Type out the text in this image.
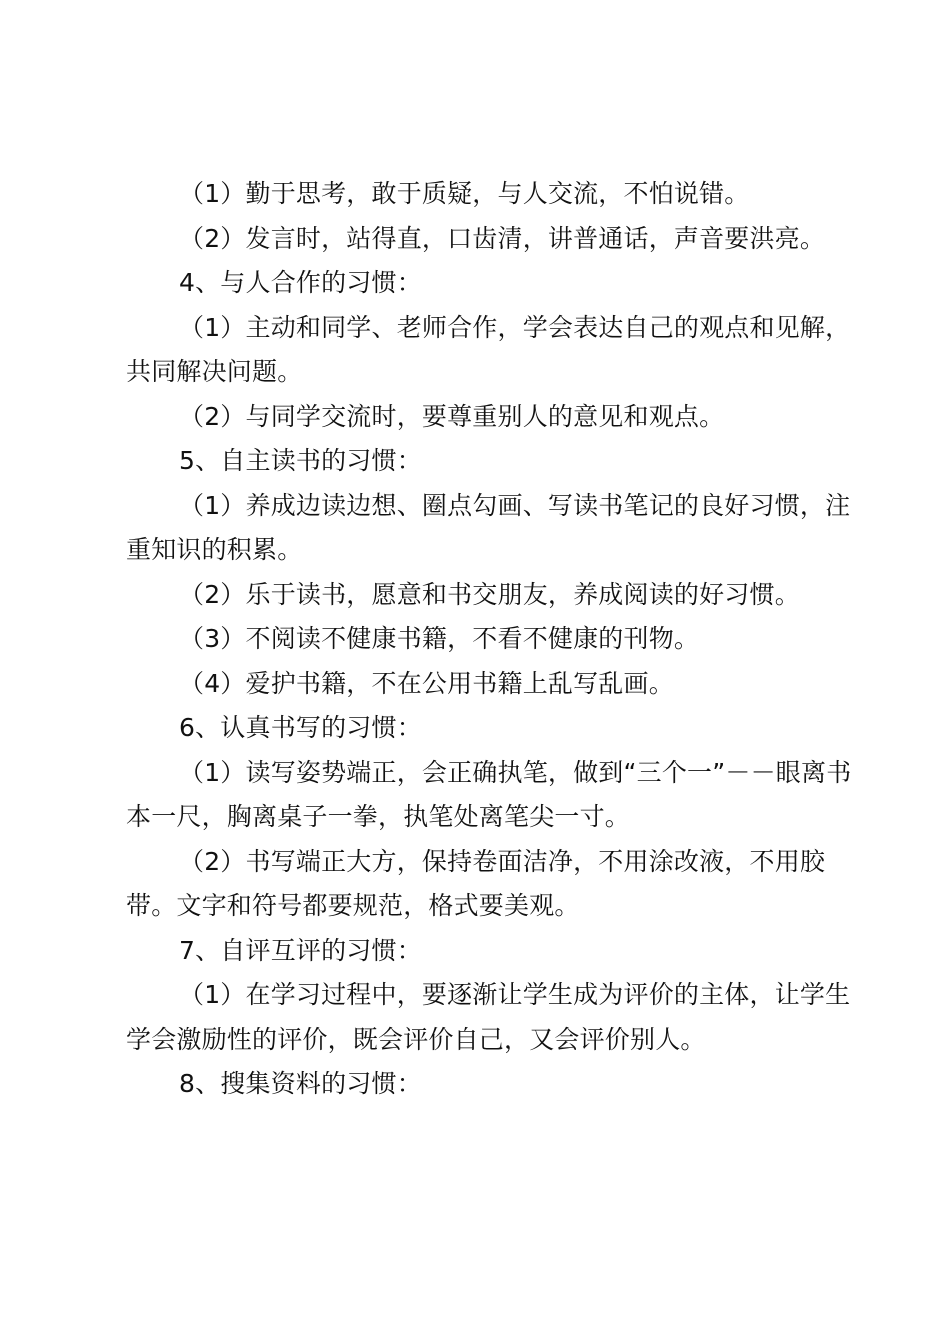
（1）勤于思考，敢于质疑，与人交流，不怕说错。

（2）发言时，站得直，口齿清，讲普通话，声音要洪亮。

4、与人合作的习惯：

（1）主动和同学、老师合作，学会表达自己的观点和见解，共同解决问题。

（2）与同学交流时，要尊重别人的意见和观点。

5、自主读书的习惯：

（1）养成边读边想、圈点勾画、写读书笔记的良好习惯，注重知识的积累。

（2）乐于读书，愿意和书交朋友，养成阅读的好习惯。

（3）不阅读不健康书籍，不看不健康的刊物。

（4）爱护书籍，不在公用书籍上乱写乱画。

6、认真书写的习惯：

（1）读写姿势端正，会正确执笔，做到“三个一”－－眼离书本一尺，胸离桌子一拳，执笔处离笔尖一寸。

（2）书写端正大方，保持卷面洁净，不用涂改液，不用胶带。文字和符号都要规范，格式要美观。

7、自评互评的习惯：

（1）在学习过程中，要逐渐让学生成为评价的主体，让学生学会激励性的评价，既会评价自己，又会评价别人。

8、搜集资料的习惯：
